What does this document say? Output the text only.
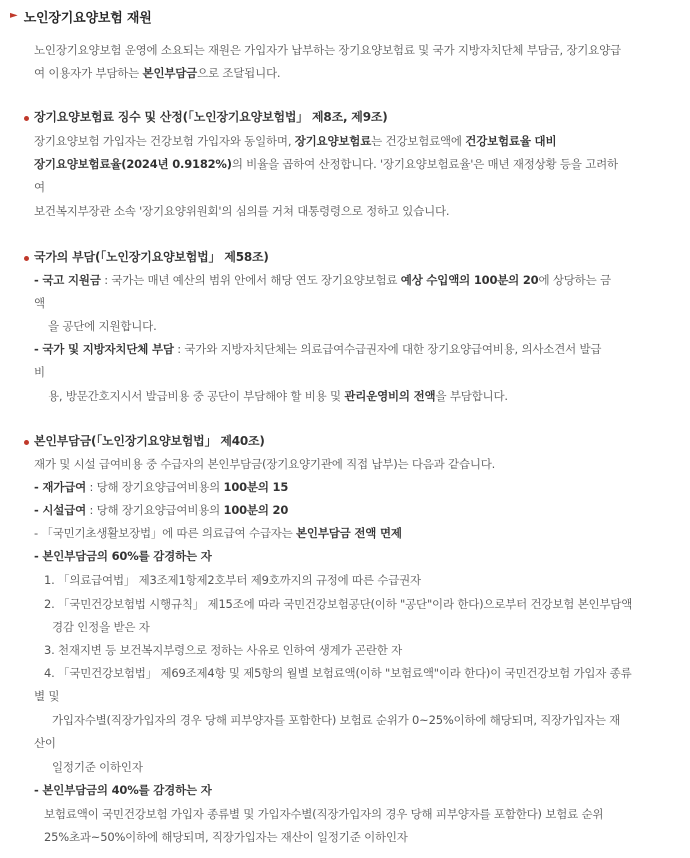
► 노인장기요양보험 재원
노인장기요양보험 운영에 소요되는 재원은 가입자가 납부하는 장기요양보험료 및 국가 지방자치단체 부담금, 장기요양급
여 이용자가 부담하는 본인부담금으로 조달됩니다.
장기요양보험료 징수 및 산정(「노인장기요양보험법」 제8조, 제9조)
장기요양보험 가입자는 건강보험 가입자와 동일하며, 장기요양보험료는 건강보험료액에 건강보험료율 대비
장기요양보험료율(2024년 0.9182%)의 비율을 곱하여 산정합니다. '장기요양보험료율'은 매년 재정상황 등을 고려하
여
보건복지부장관 소속 '장기요양위원회'의 심의를 거쳐 대통령령으로 정하고 있습니다.
국가의 부담(「노인장기요양보험법」 제58조)
- 국고 지원금 : 국가는 매년 예산의 범위 안에서 해당 연도 장기요양보험료 예상 수입액의 100분의 20에 상당하는 금
액
을 공단에 지원합니다.
- 국가 및 지방자치단체 부담 : 국가와 지방자치단체는 의료급여수급권자에 대한 장기요양급여비용, 의사소견서 발급
비
용, 방문간호지시서 발급비용 중 공단이 부담해야 할 비용 및 관리운영비의 전액을 부담합니다.
본인부담금(「노인장기요양보험법」 제40조)
재가 및 시설 급여비용 중 수급자의 본인부담금(장기요양기관에 직접 납부)는 다음과 같습니다.
- 재가급여 : 당해 장기요양급여비용의 100분의 15
- 시설급여 : 당해 장기요양급여비용의 100분의 20
- 「국민기초생활보장법」에 따른 의료급여 수급자는 본인부담금 전액 면제
- 본인부담금의 60%를 감경하는 자
1. 「의료급여법」 제3조제1항제2호부터 제9호까지의 규정에 따른 수급권자
2. 「국민건강보험법 시행규칙」 제15조에 따라 국민건강보험공단(이하 "공단"이라 한다)으로부터 건강보험 본인부담액
경감 인정을 받은 자
3. 천재지변 등 보건복지부령으로 정하는 사유로 인하여 생계가 곤란한 자
4. 「국민건강보험법」 제69조제4항 및 제5항의 월별 보험료액(이하 "보험료액"이라 한다)이 국민건강보험 가입자 종류
별 및
가입자수별(직장가입자의 경우 당해 피부양자를 포함한다) 보험료 순위가 0~25%이하에 해당되며, 직장가입자는 재
산이
일정기준 이하인자
- 본인부담금의 40%를 감경하는 자
보험료액이 국민건강보험 가입자 종류별 및 가입자수별(직장가입자의 경우 당해 피부양자를 포함한다) 보험료 순위
25%초과~50%이하에 해당되며, 직장가입자는 재산이 일정기준 이하인자
